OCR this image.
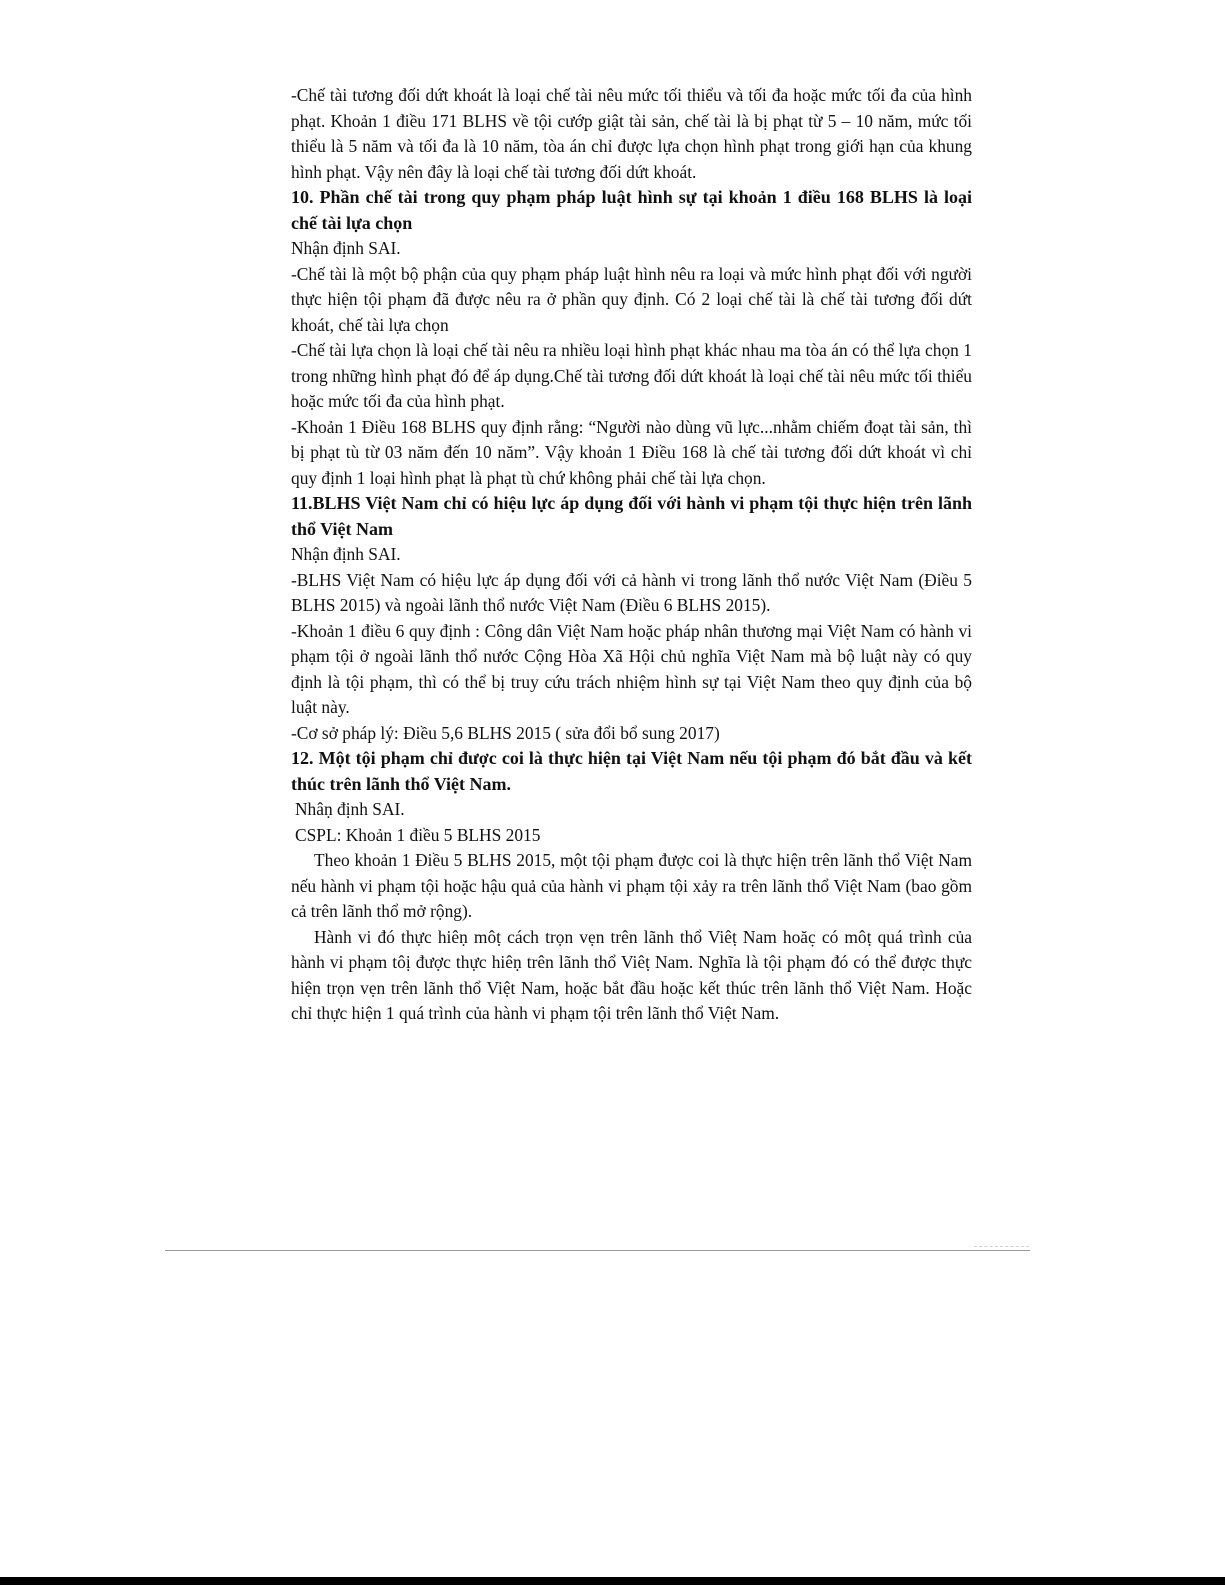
-Chế tài tương đối dứt khoát là loại chế tài nêu mức tối thiểu và tối đa hoặc mức tối đa của hình phạt. Khoản 1 điều 171 BLHS về tội cướp giật tài sản, chế tài là bị phạt từ 5 – 10 năm, mức tối thiểu là 5 năm và tối đa là 10 năm, tòa án chỉ được lựa chọn hình phạt trong giới hạn của khung hình phạt. Vậy nên đây là loại chế tài tương đối dứt khoát.

10. Phần chế tài trong quy phạm pháp luật hình sự tại khoản 1 điều 168 BLHS là loại chế tài lựa chọn

Nhận định SAI.

-Chế tài là một bộ phận của quy phạm pháp luật hình nêu ra loại và mức hình phạt đối với người thực hiện tội phạm đã được nêu ra ở phần quy định. Có 2 loại chế tài là chế tài tương đối dứt khoát, chế tài lựa chọn

-Chế tài lựa chọn là loại chế tài nêu ra nhiều loại hình phạt khác nhau ma tòa án có thể lựa chọn 1 trong những hình phạt đó để áp dụng.Chế tài tương đối dứt khoát là loại chế tài nêu mức tối thiểu hoặc mức tối đa của hình phạt.

-Khoản 1 Điều 168 BLHS quy định rằng: “Người nào dùng vũ lực...nhằm chiếm đoạt tài sản, thì bị phạt tù từ 03 năm đến 10 năm”. Vậy khoản 1 Điều 168 là chế tài tương đối dứt khoát vì chỉ quy định 1 loại hình phạt là phạt tù chứ không phải chế tài lựa chọn.

11.BLHS Việt Nam chỉ có hiệu lực áp dụng đối với hành vi phạm tội thực hiện trên lãnh thổ Việt Nam

Nhận định SAI.

-BLHS Việt Nam có hiệu lực áp dụng đối với cả hành vi trong lãnh thổ nước Việt Nam (Điều 5 BLHS 2015) và ngoài lãnh thổ nước Việt Nam (Điều 6 BLHS 2015).

-Khoản 1 điều 6 quy định : Công dân Việt Nam hoặc pháp nhân thương mại Việt Nam có hành vi phạm tội ở ngoài lãnh thổ nước Cộng Hòa Xã Hội chủ nghĩa Việt Nam mà bộ luật này có quy định là tội phạm, thì có thể bị truy cứu trách nhiệm hình sự tại Việt Nam theo quy định của bộ luật này.

-Cơ sở pháp lý: Điều 5,6 BLHS 2015 ( sửa đổi bổ sung 2017)

12. Một tội phạm chỉ được coi là thực hiện tại Việt Nam nếu tội phạm đó bắt đầu và kết thúc trên lãnh thổ Việt Nam.

Nhâṇ định SAI.

CSPL: Khoản 1 điều 5 BLHS 2015

Theo khoản 1 Điều 5 BLHS 2015, một tội phạm được coi là thực hiện trên lãnh thổ Việt Nam nếu hành vi phạm tội hoặc hậu quả của hành vi phạm tội xảy ra trên lãnh thổ Việt Nam (bao gồm cả trên lãnh thổ mở rộng).

Hành vi đó thực hiêṇ môṭ cách trọn vẹn trên lãnh thổ Viêṭ Nam hoăc̣ có môṭ quá trình của hành vi phạm tôị được thực hiêṇ trên lãnh thổ Viêṭ Nam. Nghĩa là tội phạm đó có thể được thực hiện trọn vẹn trên lãnh thổ Việt Nam, hoặc bắt đầu hoặc kết thúc trên lãnh thổ Việt Nam. Hoặc chỉ thực hiện 1 quá trình của hành vi phạm tội trên lãnh thổ Việt Nam.
